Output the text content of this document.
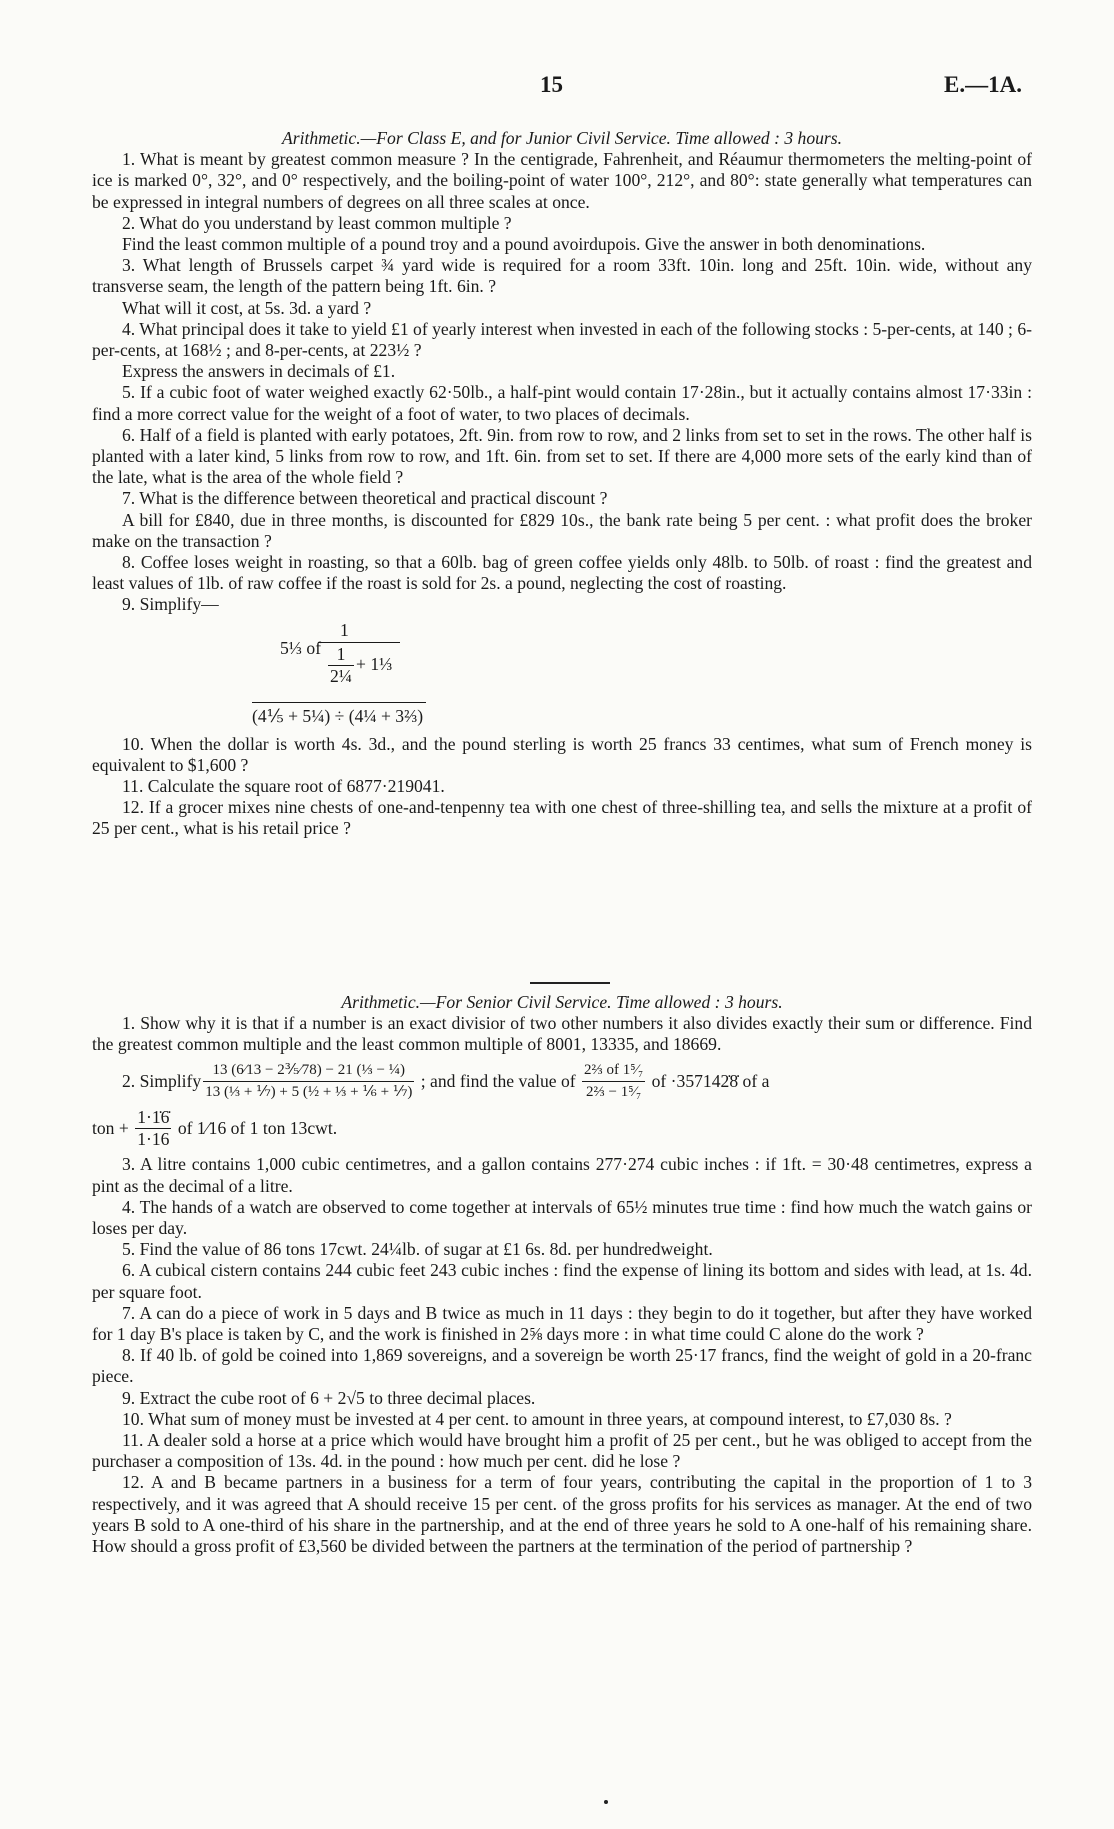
15	E.—1A.

Arithmetic.—For Class E, and for Junior Civil Service. Time allowed : 3 hours.

1. What is meant by greatest common measure ? In the centigrade, Fahrenheit, and Réaumur thermometers the melting-point of ice is marked 0°, 32°, and 0° respectively, and the boiling-point of water 100°, 212°, and 80°: state generally what temperatures can be expressed in integral numbers of degrees on all three scales at once.

2. What do you understand by least common multiple ?

Find the least common multiple of a pound troy and a pound avoirdupois. Give the answer in both denominations.

3. What length of Brussels carpet ¾ yard wide is required for a room 33ft. 10in. long and 25ft. 10in. wide, without any transverse seam, the length of the pattern being 1ft. 6in. ?

What will it cost, at 5s. 3d. a yard ?

4. What principal does it take to yield £1 of yearly interest when invested in each of the following stocks : 5-per-cents, at 140 ; 6-per-cents, at 168½ ; and 8-per-cents, at 223½ ?

Express the answers in decimals of £1.

5. If a cubic foot of water weighed exactly 62·50lb., a half-pint would contain 17·28in., but it actually contains almost 17·33in : find a more correct value for the weight of a foot of water, to two places of decimals.

6. Half of a field is planted with early potatoes, 2ft. 9in. from row to row, and 2 links from set to set in the rows. The other half is planted with a later kind, 5 links from row to row, and 1ft. 6in. from set to set. If there are 4,000 more sets of the early kind than of the late, what is the area of the whole field ?

7. What is the difference between theoretical and practical discount ?

A bill for £840, due in three months, is discounted for £829 10s., the bank rate being 5 per cent. : what profit does the broker make on the transaction ?

8. Coffee loses weight in roasting, so that a 60lb. bag of green coffee yields only 48lb. to 50lb. of roast : find the greatest and least values of 1lb. of raw coffee if the roast is sold for 2s. a pound, neglecting the cost of roasting.

9. Simplify—

5⅓ of
1
$\frac{1}{\text{2¼}}$ + 1⅓
(4⅕ + 5¼) ÷ (4¼ + 3⅔)

10. When the dollar is worth 4s. 3d., and the pound sterling is worth 25 francs 33 centimes, what sum of French money is equivalent to $1,600 ?

11. Calculate the square root of 6877·219041.

12. If a grocer mixes nine chests of one-and-tenpenny tea with one chest of three-shilling tea, and sells the mixture at a profit of 25 per cent., what is his retail price ?

Arithmetic.—For Senior Civil Service. Time allowed : 3 hours.

1. Show why it is that if a number is an exact divisior of two other numbers it also divides exactly their sum or difference. Find the greatest common multiple and the least common multiple of 8001, 13335, and 18669.

2. Simplify $\frac{\text{13 (6⁄13 − 2⅗⁄78) − 21 (⅓ − ¼)}}{\text{13 (⅓ + ⅐) + 5 (½ + ⅓ + ⅙ + ⅐)}}$ ; and find the value of $\frac{\text{2⅔ of 1⁵⁄₇}}{\text{2⅔ − 1⁵⁄₇}}$ of ·357142̇8̇ of a
ton + $\frac{1\cdot 1̇6̇}{1\cdot 16}$ of 1⁄16 of 1 ton 13cwt.

3. A litre contains 1,000 cubic centimetres, and a gallon contains 277·274 cubic inches : if 1ft. = 30·48 centimetres, express a pint as the decimal of a litre.

4. The hands of a watch are observed to come together at intervals of 65½ minutes true time : find how much the watch gains or loses per day.

5. Find the value of 86 tons 17cwt. 24¼lb. of sugar at £1 6s. 8d. per hundredweight.

6. A cubical cistern contains 244 cubic feet 243 cubic inches : find the expense of lining its bottom and sides with lead, at 1s. 4d. per square foot.

7. A can do a piece of work in 5 days and B twice as much in 11 days : they begin to do it together, but after they have worked for 1 day B's place is taken by C, and the work is finished in 2⅝ days more : in what time could C alone do the work ?

8. If 40 lb. of gold be coined into 1,869 sovereigns, and a sovereign be worth 25·17 francs, find the weight of gold in a 20-franc piece.

9. Extract the cube root of 6 + 2√5 to three decimal places.

10. What sum of money must be invested at 4 per cent. to amount in three years, at compound interest, to £7,030 8s. ?

11. A dealer sold a horse at a price which would have brought him a profit of 25 per cent., but he was obliged to accept from the purchaser a composition of 13s. 4d. in the pound : how much per cent. did he lose ?

12. A and B became partners in a business for a term of four years, contributing the capital in the proportion of 1 to 3 respectively, and it was agreed that A should receive 15 per cent. of the gross profits for his services as manager. At the end of two years B sold to A one-third of his share in the partnership, and at the end of three years he sold to A one-half of his remaining share. How should a gross profit of £3,560 be divided between the partners at the termination of the period of partnership ?
